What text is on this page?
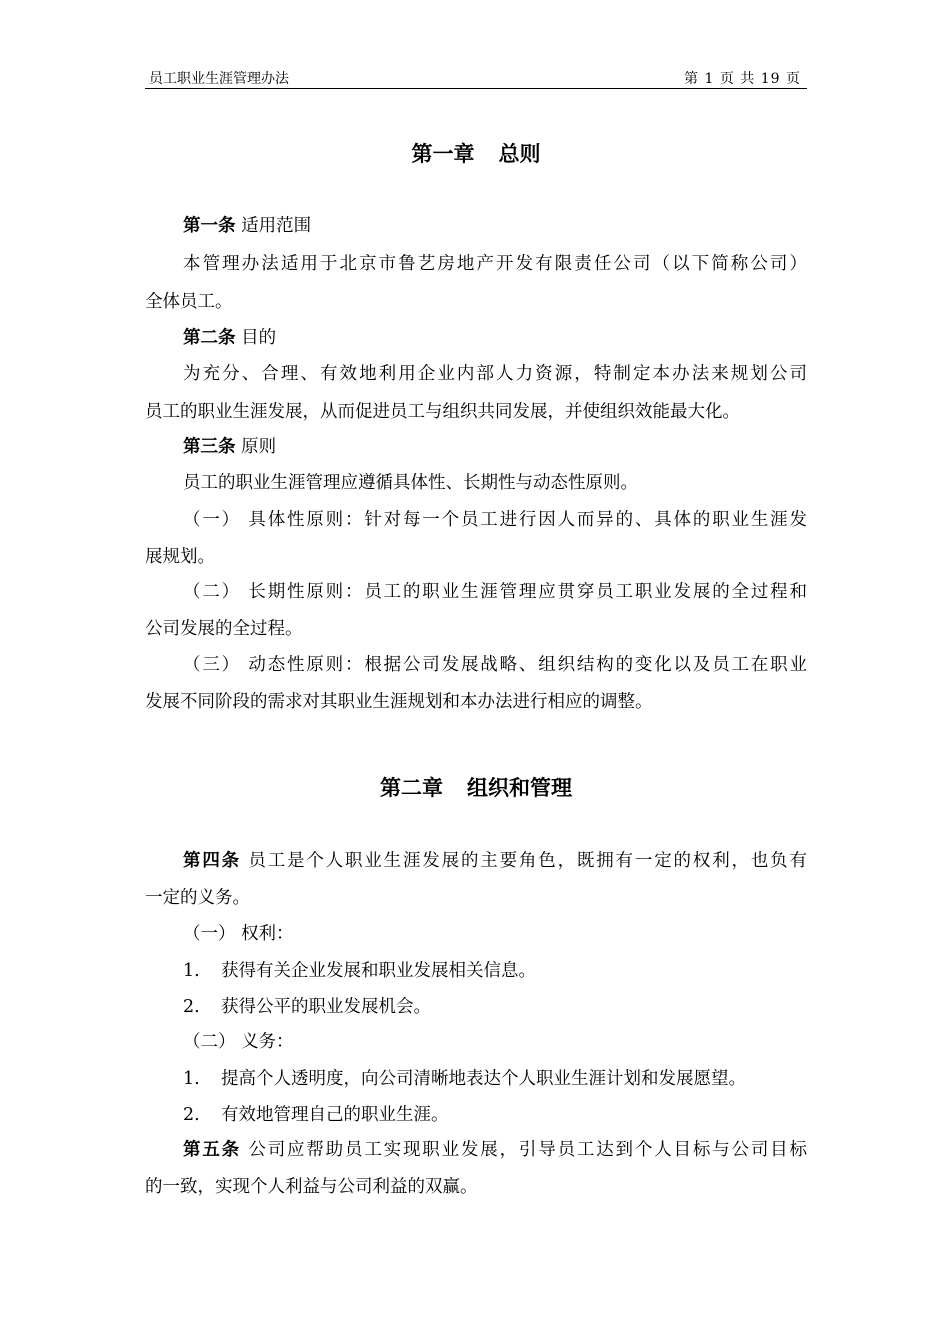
员工职业生涯管理办法	第 1 页 共 19 页
第一章 总则
第一条 适用范围
本管理办法适用于北京市鲁艺房地产开发有限责任公司（以下简称公司）
全体员工。
第二条 目的
为充分、合理、有效地利用企业内部人力资源，特制定本办法来规划公司
员工的职业生涯发展，从而促进员工与组织共同发展，并使组织效能最大化。
第三条 原则
员工的职业生涯管理应遵循具体性、长期性与动态性原则。
（一） 具体性原则：针对每一个员工进行因人而异的、具体的职业生涯发
展规划。
（二） 长期性原则：员工的职业生涯管理应贯穿员工职业发展的全过程和
公司发展的全过程。
（三） 动态性原则：根据公司发展战略、组织结构的变化以及员工在职业
发展不同阶段的需求对其职业生涯规划和本办法进行相应的调整。
第二章 组织和管理
第四条 员工是个人职业生涯发展的主要角色，既拥有一定的权利，也负有
一定的义务。
（一） 权利：
1. 获得有关企业发展和职业发展相关信息。
2. 获得公平的职业发展机会。
（二） 义务：
1. 提高个人透明度，向公司清晰地表达个人职业生涯计划和发展愿望。
2. 有效地管理自己的职业生涯。
第五条 公司应帮助员工实现职业发展，引导员工达到个人目标与公司目标
的一致，实现个人利益与公司利益的双赢。
